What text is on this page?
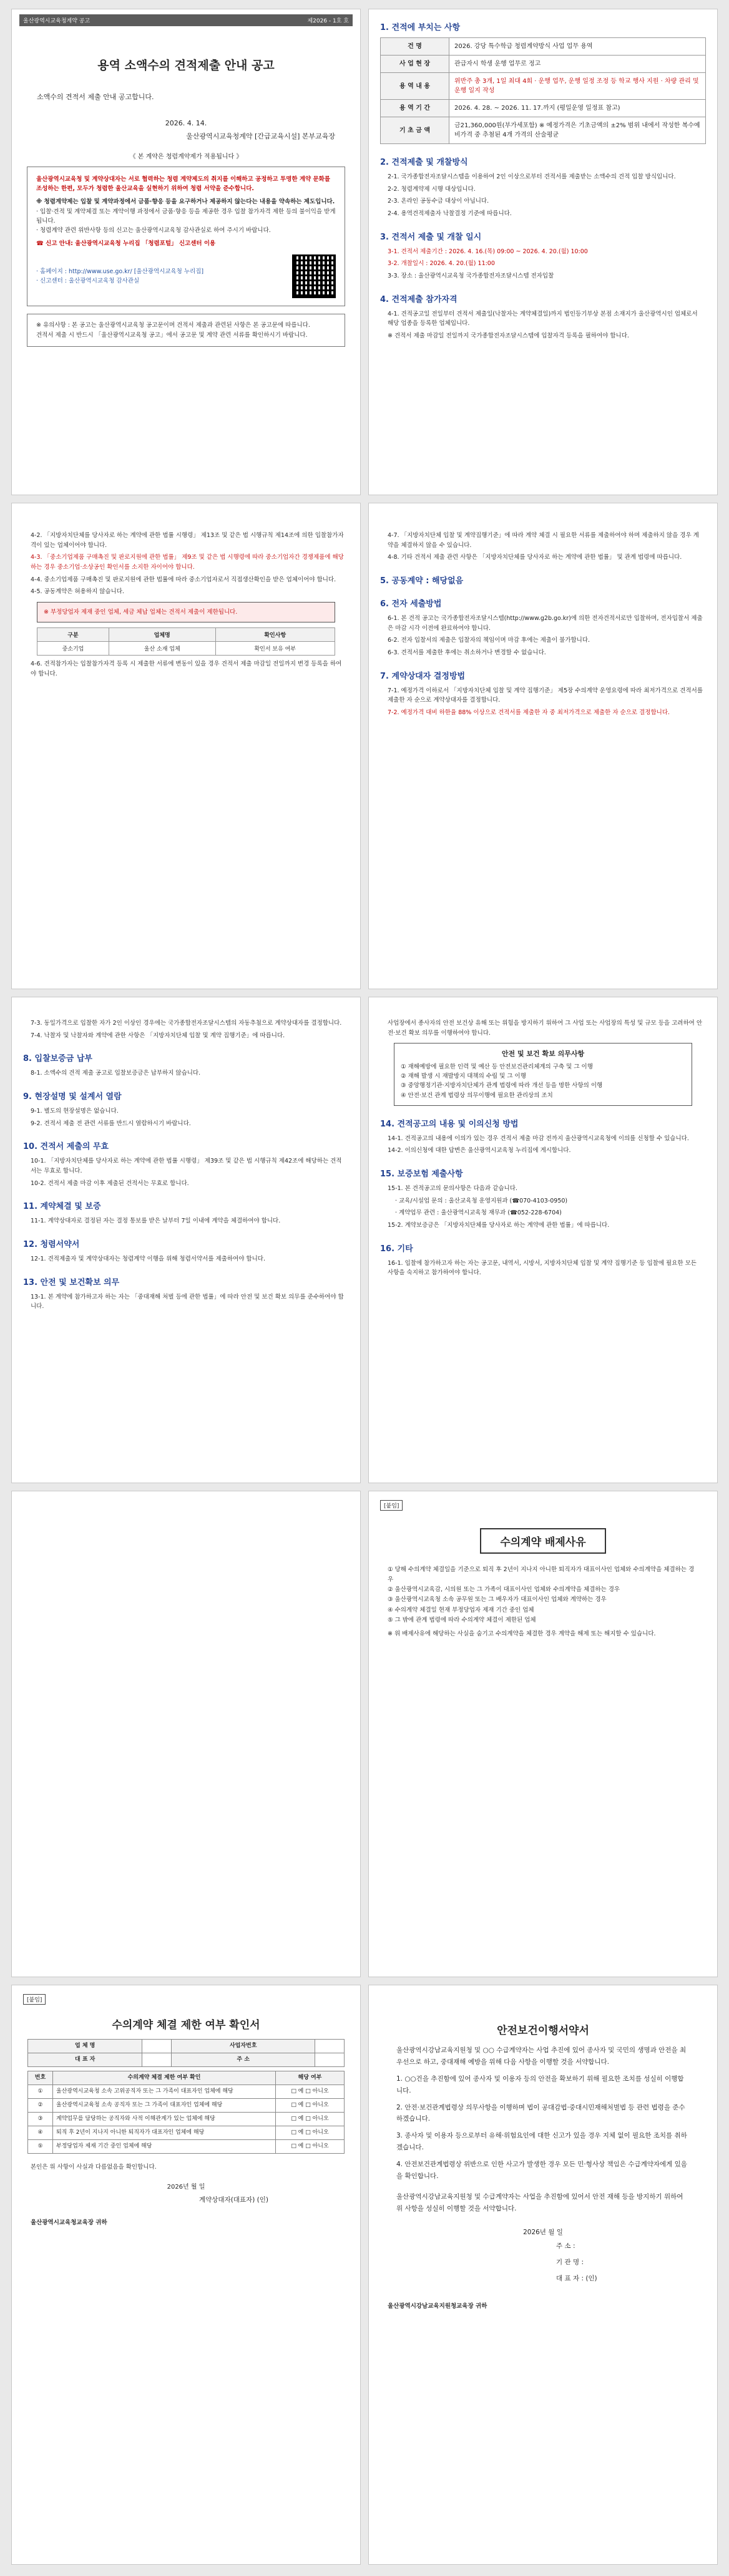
울산광역시교육청계약 공고	제2026 - 1호 호
용역 소액수의 견적제출 안내 공고
소액수의 견적서 제출 안내 공고합니다.
2026. 4. 14.
울산광역시교육청계약 [간급교육시설] 본부교육장
《 본 계약은 청렴계약제가 적용됩니다 》

울산광역시교육청 및 계약상대자는 서로 협력하는 청렴 계약제도의 취지를 이해하고 공정하고 투명한 계약 문화를 조성하는 한편, 모두가 청렴한 울산교육을 실현하기 위하여 청렴 서약을 준수합니다.

※ 청렴계약제는 입찰 및 계약과정에서 금품·향응 등을 요구하거나 제공하지 않는다는 내용을 약속하는 제도입니다.

· 입찰·견적 및 계약체결 또는 계약이행 과정에서 금품·향응 등을 제공한 경우 입찰 참가자격 제한 등의 불이익을 받게 됩니다.

· 청렴계약 관련 위반사항 등의 신고는 울산광역시교육청 감사관실로 하여 주시기 바랍니다.

☎ 신고 안내: 울산광역시교육청 누리집 「청렴포털」 신고센터 이용

· 홈페이지 : http://www.use.go.kr/ [울산광역시교육청 누리집]

· 신고센터 : 울산광역시교육청 감사관실

※ 유의사항 : 본 공고는 울산광역시교육청 공고문이며 견적서 제출과 관련된 사항은 본 공고문에 따릅니다.

견적서 제출 시 반드시 「울산광역시교육청 공고」에서 공고문 및 계약 관련 서류를 확인하시기 바랍니다.

1. 견적에 부치는 사항
건 명	2026. 강당 특수학급 청렴계약방식 사업 업무 용역
사 업 현 장	관급자시 학생 운행 업무로 정고
용 역 내 용	위반주 총 3개, 1일 최대 4회 · 운행 업무, 운행 일정 조정 등 학교 행사 지원 · 차량 관리 및 운행 일지 작성
용 역 기 간	2026. 4. 28. ~ 2026. 11. 17.까지 (평일운영 일정표 참고)
기 초 금 액	금21,360,000원(부가세포함) ※ 예정가격은 기초금액의 ±2% 범위 내에서 작성한 복수예비가격 중 추첨된 4개 가격의 산술평균
2. 견적제출 및 개찰방식

2-1. 국가종합전자조달시스템을 이용하여 2인 이상으로부터 견적서를 제출받는 소액수의 견적 입찰 방식입니다.

2-2. 청렴계약제 시행 대상입니다.

2-3. 온라인 공동수급 대상이 아닙니다.

2-4. 용역견적제출자 낙찰결정 기준에 따릅니다.

3. 견적서 제출 및 개찰 일시

3-1. 견적서 제출기간 : 2026. 4. 16.(목) 09:00 ~ 2026. 4. 20.(월) 10:00

3-2. 개찰일시 : 2026. 4. 20.(월) 11:00

3-3. 장소 : 울산광역시교육청 국가종합전자조달시스템 전자입찰

4. 견적제출 참가자격

4-1. 견적공고일 전일부터 견적서 제출일(낙찰자는 계약체결일)까지 법인등기부상 본점 소재지가 울산광역시인 업체로서 해당 업종을 등록한 업체입니다.

※ 견적서 제출 마감일 전일까지 국가종합전자조달시스템에 입찰자격 등록을 필하여야 합니다.

4-2. 「지방자치단체를 당사자로 하는 계약에 관한 법률 시행령」 제13조 및 같은 법 시행규칙 제14조에 의한 입찰참가자격이 있는 업체이어야 합니다.

4-3. 「중소기업제품 구매촉진 및 판로지원에 관한 법률」 제9조 및 같은 법 시행령에 따라 중소기업자간 경쟁제품에 해당하는 경우 중소기업·소상공인 확인서를 소지한 자이어야 합니다.

4-4. 중소기업제품 구매촉진 및 판로지원에 관한 법률에 따라 중소기업자로서 직접생산확인을 받은 업체이어야 합니다.

4-5. 공동계약은 허용하지 않습니다.

※ 부정당업자 제재 중인 업체, 세금 체납 업체는 견적서 제출이 제한됩니다.

구분	업체명	확인사항
중소기업	울산 소재 업체	확인서 보유 여부

4-6. 견적참가자는 입찰참가자격 등록 시 제출한 서류에 변동이 있을 경우 견적서 제출 마감일 전일까지 변경 등록을 하여야 합니다.

4-7. 「지방자치단체 입찰 및 계약집행기준」에 따라 계약 체결 시 필요한 서류를 제출하여야 하며 제출하지 않을 경우 계약을 체결하지 않을 수 있습니다.

4-8. 기타 견적서 제출 관련 사항은 「지방자치단체를 당사자로 하는 계약에 관한 법률」 및 관계 법령에 따릅니다.

5. 공동계약 : 해당없음
6. 전자 세출방법

6-1. 본 견적 공고는 국가종합전자조달시스템(http://www.g2b.go.kr)에 의한 전자견적서로만 입찰하며, 전자입찰서 제출은 마감 시각 이전에 완료하여야 합니다.

6-2. 전자 입찰서의 제출은 입찰자의 책임이며 마감 후에는 제출이 불가합니다.

6-3. 견적서를 제출한 후에는 취소하거나 변경할 수 없습니다.

7. 계약상대자 결정방법

7-1. 예정가격 이하로서 「지방자치단체 입찰 및 계약 집행기준」 제5장 수의계약 운영요령에 따라 최저가격으로 견적서를 제출한 자 순으로 계약상대자를 결정합니다.

7-2. 예정가격 대비 하한율 88% 이상으로 견적서를 제출한 자 중 최저가격으로 제출한 자 순으로 결정합니다.

7-3. 동일가격으로 입찰한 자가 2인 이상인 경우에는 국가종합전자조달시스템의 자동추첨으로 계약상대자를 결정합니다.

7-4. 낙찰자 및 낙찰자와 계약에 관한 사항은 「지방자치단체 입찰 및 계약 집행기준」에 따릅니다.

8. 입찰보증금 납부

8-1. 소액수의 견적 제출 공고로 입찰보증금은 납부하지 않습니다.

9. 현장설명 및 설계서 열람

9-1. 별도의 현장설명은 없습니다.

9-2. 견적서 제출 전 관련 서류를 반드시 열람하시기 바랍니다.

10. 견적서 제출의 무효

10-1. 「지방자치단체를 당사자로 하는 계약에 관한 법률 시행령」 제39조 및 같은 법 시행규칙 제42조에 해당하는 견적서는 무효로 합니다.

10-2. 견적서 제출 마감 이후 제출된 견적서는 무효로 합니다.

11. 계약체결 및 보증

11-1. 계약상대자로 결정된 자는 결정 통보를 받은 날부터 7일 이내에 계약을 체결하여야 합니다.

12. 청렴서약서

12-1. 견적제출자 및 계약상대자는 청렴계약 이행을 위해 청렴서약서를 제출하여야 합니다.

13. 안전 및 보건확보 의무

13-1. 본 계약에 참가하고자 하는 자는 「중대재해 처벌 등에 관한 법률」에 따라 안전 및 보건 확보 의무를 준수하여야 합니다.

사업장에서 종사자의 안전 보건상 유해 또는 위험을 방지하기 위하여 그 사업 또는 사업장의 특성 및 규모 등을 고려하여 안전·보건 확보 의무를 이행하여야 합니다.

안전 및 보건 확보 의무사항

① 재해예방에 필요한 인력 및 예산 등 안전보건관리체계의 구축 및 그 이행

② 재해 발생 시 재발방지 대책의 수립 및 그 이행

③ 중앙행정기관·지방자치단체가 관계 법령에 따라 개선 등을 명한 사항의 이행

④ 안전·보건 관계 법령상 의무이행에 필요한 관리상의 조치

14. 견적공고의 내용 및 이의신청 방법

14-1. 견적공고의 내용에 이의가 있는 경우 견적서 제출 마감 전까지 울산광역시교육청에 이의를 신청할 수 있습니다.

14-2. 이의신청에 대한 답변은 울산광역시교육청 누리집에 게시합니다.

15. 보증보험 제출사항

15-1. 본 견적공고의 문의사항은 다음과 같습니다.

· 교육/시설업 문의 : 울산교육청 운영지원과 (☎070-4103-0950)

· 계약업무 관련 : 울산광역시교육청 재무과 (☎052-228-6704)

15-2. 계약보증금은 「지방자치단체를 당사자로 하는 계약에 관한 법률」에 따릅니다.

16. 기타

16-1. 입찰에 참가하고자 하는 자는 공고문, 내역서, 시방서, 지방자치단체 입찰 및 계약 집행기준 등 입찰에 필요한 모든 사항을 숙지하고 참가하여야 합니다.

[붙임]
수의계약 배제사유

① 당해 수의계약 체결일을 기준으로 퇴직 후 2년이 지나지 아니한 퇴직자가 대표이사인 업체와 수의계약을 체결하는 경우

② 울산광역시교육감, 시의원 또는 그 가족이 대표이사인 업체와 수의계약을 체결하는 경우

③ 울산광역시교육청 소속 공무원 또는 그 배우자가 대표이사인 업체와 계약하는 경우

④ 수의계약 체결일 현재 부정당업자 제재 기간 중인 업체

⑤ 그 밖에 관계 법령에 따라 수의계약 체결이 제한된 업체

※ 위 배제사유에 해당하는 사실을 숨기고 수의계약을 체결한 경우 계약을 해제 또는 해지할 수 있습니다.

[붙임]
수의계약 체결 제한 여부 확인서
업 체 명		사업자번호	
대 표 자		주 소	
번호	수의계약 체결 제한 여부 확인	해당 여부
①	울산광역시교육청 소속 고위공직자 또는 그 가족이 대표자인 업체에 해당	□ 예 □ 아니오
②	울산광역시교육청 소속 공직자 또는 그 가족이 대표자인 업체에 해당	□ 예 □ 아니오
③	계약업무를 담당하는 공직자와 사적 이해관계가 있는 업체에 해당	□ 예 □ 아니오
④	퇴직 후 2년이 지나지 아니한 퇴직자가 대표자인 업체에 해당	□ 예 □ 아니오
⑤	부정당업자 제재 기간 중인 업체에 해당	□ 예 □ 아니오

본인은 위 사항이 사실과 다름없음을 확인합니다.

2026년 월 일

계약상대자(대표자) (인)

울산광역시교육청교육장 귀하

안전보건이행서약서

울산광역시강남교육지원청 및 ○○ 수급계약자는 사업 추진에 있어 종사자 및 국민의 생명과 안전을 최우선으로 하고, 중대재해 예방을 위해 다음 사항을 이행할 것을 서약합니다.

1. ○○건을 추진함에 있어 종사자 및 이용자 등의 안전을 확보하기 위해 필요한 조치를 성실히 이행합니다.

2. 안전·보건관계법령상 의무사항을 이행하며 법이 공대감법·중대시민재해처벌법 등 관련 법령을 준수하겠습니다.

3. 종사자 및 이용자 등으로부터 유해·위험요인에 대한 신고가 있을 경우 지체 없이 필요한 조치를 취하겠습니다.

4. 안전보건관계법령상 위반으로 인한 사고가 발생한 경우 모든 민·형사상 책임은 수급계약자에게 있음을 확인합니다.

울산광역시강남교육지원청 및 수급계약자는 사업을 추진함에 있어서 안전 재해 등을 방지하기 위하여 위 사항을 성실히 이행할 것을 서약합니다.

2026년 월 일

주 소 :

기 관 명 :

대 표 자 : (인)

울산광역시강남교육지원청교육장 귀하
